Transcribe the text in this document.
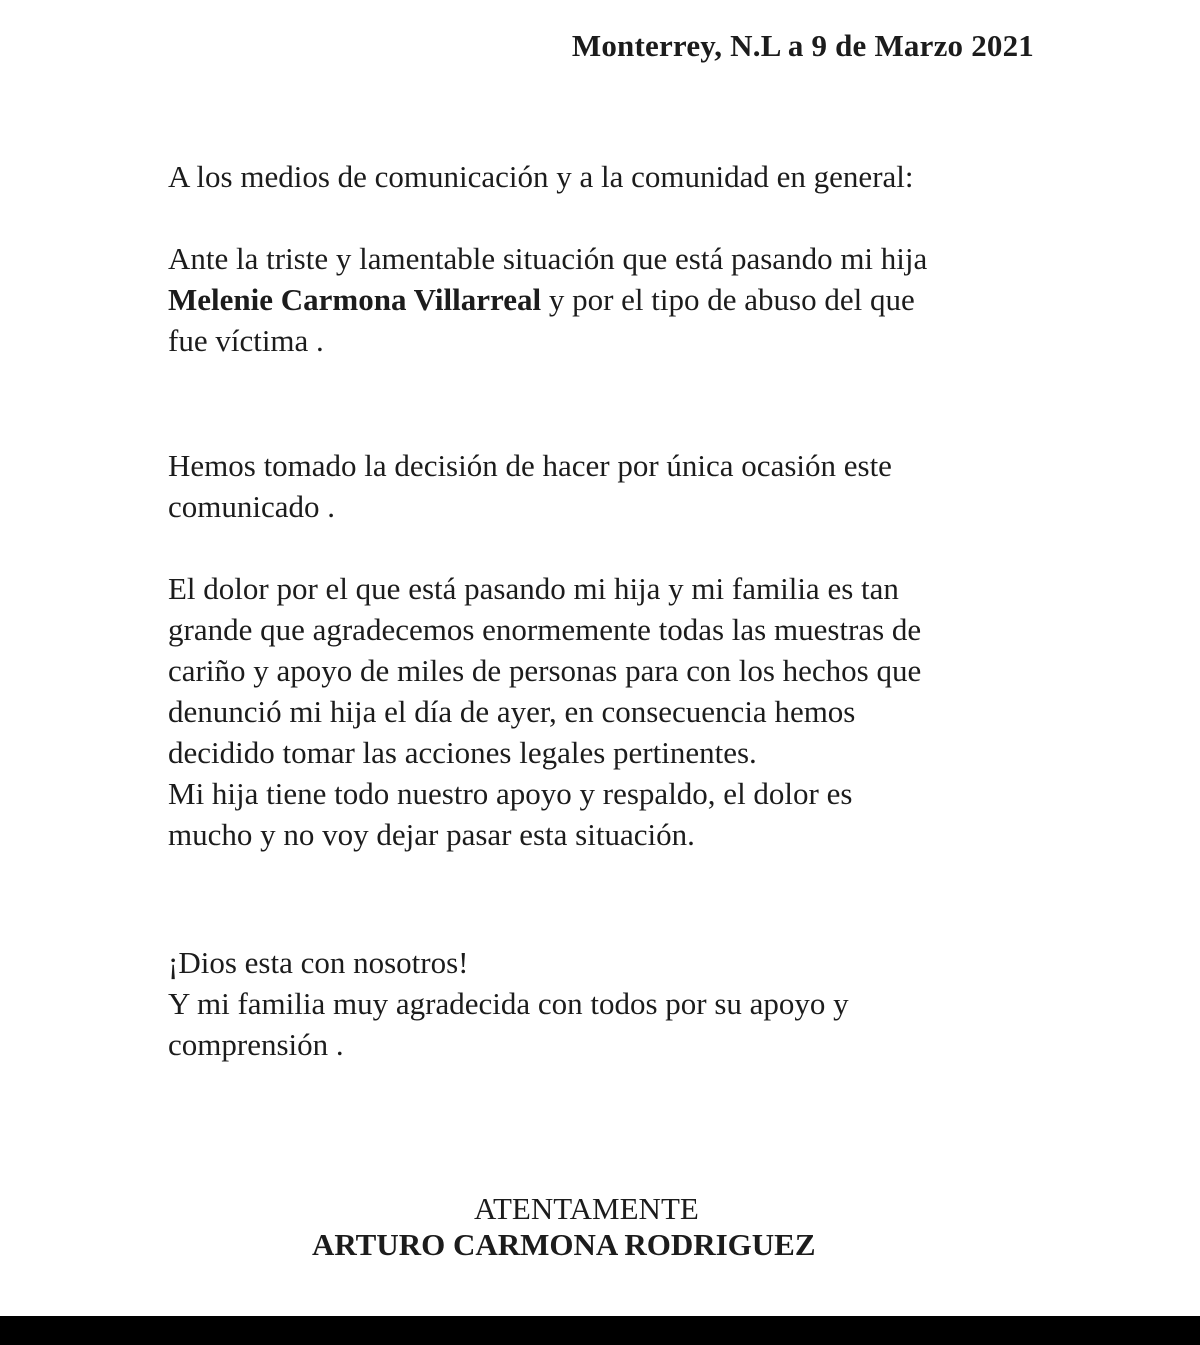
Monterrey, N.L a 9 de Marzo 2021

A los medios de comunicación y a la comunidad en general:

Ante la triste y lamentable situación que está pasando mi hija

Melenie Carmona Villarreal y por el tipo de abuso del que

fue víctima .

Hemos tomado la decisión de hacer por única ocasión este

comunicado .

El dolor por el que está pasando mi hija y mi familia es tan

grande que agradecemos enormemente todas las muestras de

cariño y apoyo de miles de personas para con los hechos que

denunció mi hija el día de ayer, en consecuencia hemos

decidido tomar las acciones legales pertinentes.

Mi hija tiene todo nuestro apoyo y respaldo, el dolor es

mucho y no voy dejar pasar esta situación.

¡Dios esta con nosotros!

Y mi familia muy agradecida con todos por su apoyo y

comprensión .

ATENTAMENTE
ARTURO CARMONA RODRIGUEZ
